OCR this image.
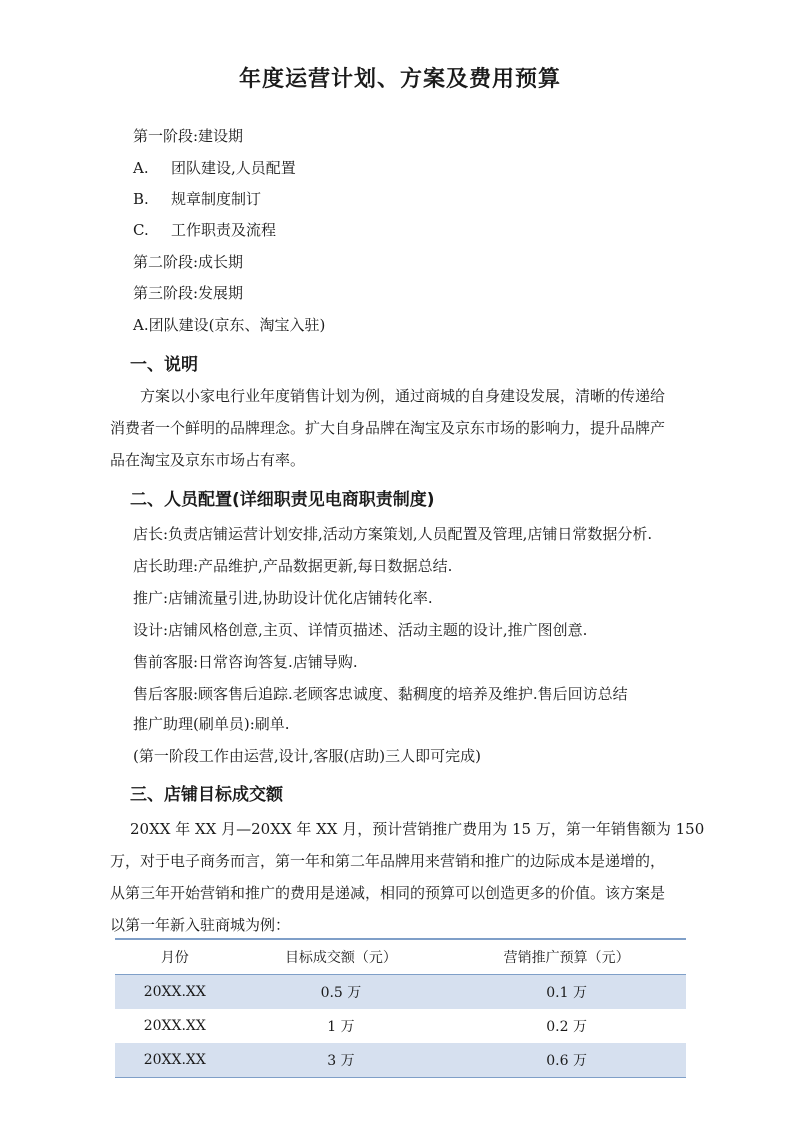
年度运营计划、方案及费用预算
第一阶段:建设期
A. 团队建设,人员配置
B. 规章制度制订
C. 工作职责及流程
第二阶段:成长期
第三阶段:发展期
A.团队建设(京东、淘宝入驻)
一、说明
方案以小家电行业年度销售计划为例，通过商城的自身建设发展，清晰的传递给
消费者一个鲜明的品牌理念。扩大自身品牌在淘宝及京东市场的影响力，提升品牌产
品在淘宝及京东市场占有率。
二、人员配置(详细职责见电商职责制度)
店长:负责店铺运营计划安排,活动方案策划,人员配置及管理,店铺日常数据分析.
店长助理:产品维护,产品数据更新,每日数据总结.
推广:店铺流量引进,协助设计优化店铺转化率.
设计:店铺风格创意,主页、详情页描述、活动主题的设计,推广图创意.
售前客服:日常咨询答复.店铺导购.
售后客服:顾客售后追踪.老顾客忠诚度、黏稠度的培养及维护.售后回访总结
推广助理(刷单员):刷单.
(第一阶段工作由运营,设计,客服(店助)三人即可完成)
三、店铺目标成交额
20XX 年 XX 月—20XX 年 XX 月，预计营销推广费用为 15 万，第一年销售额为 150
万，对于电子商务而言，第一年和第二年品牌用来营销和推广的边际成本是递增的，
从第三年开始营销和推广的费用是递减，相同的预算可以创造更多的价值。该方案是
以第一年新入驻商城为例：
月份	目标成交额（元）	营销推广预算（元）
20XX.XX	0.5 万	0.1 万
20XX.XX	1 万	0.2 万
20XX.XX	3 万	0.6 万
